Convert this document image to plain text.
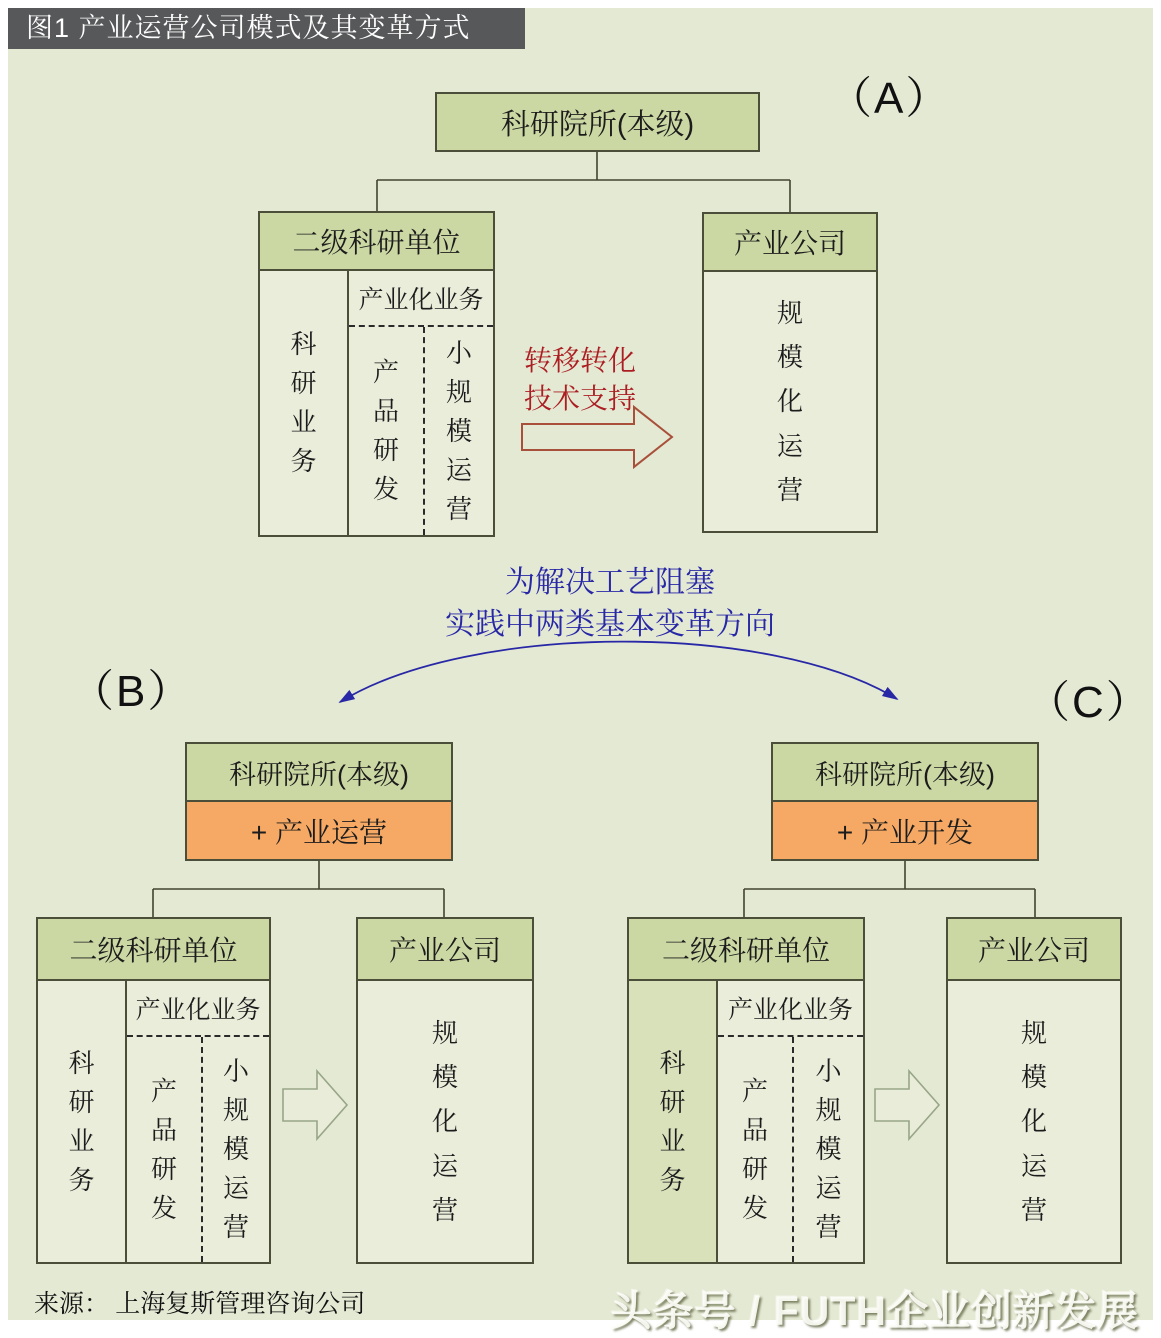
图1 产业运营公司模式及其变革方式
（A）
（B）	（C）
科研院所(本级)
二级科研单位
科研业务
产业化业务
产品研发
小规模运营
产业公司
规模化运营
转移转化
技术支持
为解决工艺阻塞
实践中两类基本变革方向
科研院所(本级)
+ 产业运营
二级科研单位
科研业务
产业化业务
产品研发
小规模运营
产业公司
规模化运营
科研院所(本级)
+ 产业开发
二级科研单位
科研业务
产业化业务
产品研发
小规模运营
产业公司
规模化运营
来源： 上海复斯管理咨询公司	头条号 / FUTH企业创新发展
